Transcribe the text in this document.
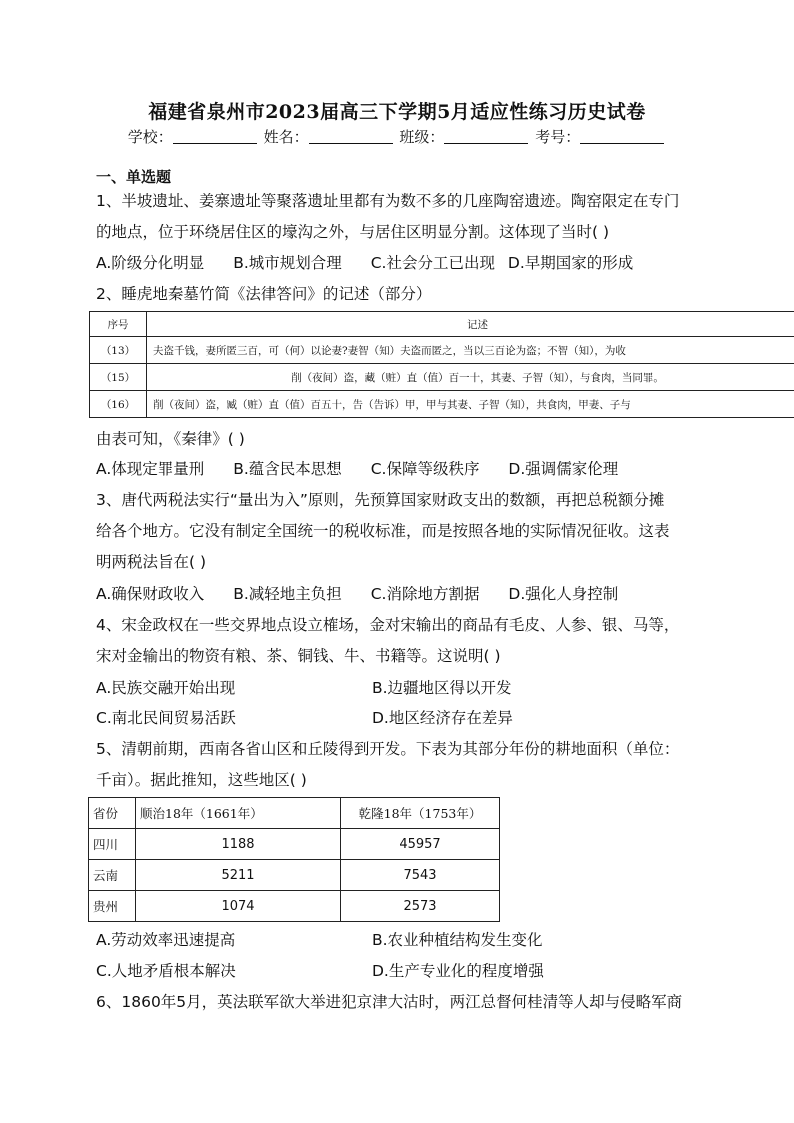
福建省泉州市2023届高三下学期5月适应性练习历史试卷
学校：	姓名：	班级：	考号：
一、单选题
1、半坡遗址、姜寨遗址等聚落遗址里都有为数不多的几座陶窑遗迹。陶窑限定在专门
的地点，位于环绕居住区的壕沟之外，与居住区明显分割。这体现了当时( )
A.阶级分化明显 B.城市规划合理 C.社会分工已出现 D.早期国家的形成
2、睡虎地秦墓竹简《法律答问》的记述（部分）
序号	记述
（13）	夫盗千钱，妻所匿三百，可（何）以论妻?妻智（知）夫盗而匿之，当以三百论为盗；不智（知），为收
（15）	削（夜间）盗，藏（赃）直（值）百一十，其妻、子智（知），与食肉，当同罪。
（16）	削（夜间）盗，臧（赃）直（值）百五十，告（告诉）甲，甲与其妻、子智（知），共食肉，甲妻、子与
由表可知，《秦律》( )
A.体现定罪量刑 B.蕴含民本思想 C.保障等级秩序 D.强调儒家伦理
3、唐代两税法实行“量出为入”原则，先预算国家财政支出的数额，再把总税额分摊
给各个地方。它没有制定全国统一的税收标准，而是按照各地的实际情况征收。这表
明两税法旨在( )
A.确保财政收入 B.减轻地主负担 C.消除地方割据 D.强化人身控制
4、宋金政权在一些交界地点设立榷场，金对宋输出的商品有毛皮、人参、银、马等，
宋对金输出的物资有粮、茶、铜钱、牛、书籍等。这说明( )
A.民族交融开始出现	B.边疆地区得以开发
C.南北民间贸易活跃	D.地区经济存在差异
5、清朝前期，西南各省山区和丘陵得到开发。下表为其部分年份的耕地面积（单位：
千亩）。据此推知，这些地区( )
省份	顺治18年（1661年）	乾隆18年（1753年）
四川	1188	45957
云南	5211	7543
贵州	1074	2573
A.劳动效率迅速提高	B.农业种植结构发生变化
C.人地矛盾根本解决	D.生产专业化的程度增强
6、1860年5月，英法联军欲大举进犯京津大沽时，两江总督何桂清等人却与侵略军商
